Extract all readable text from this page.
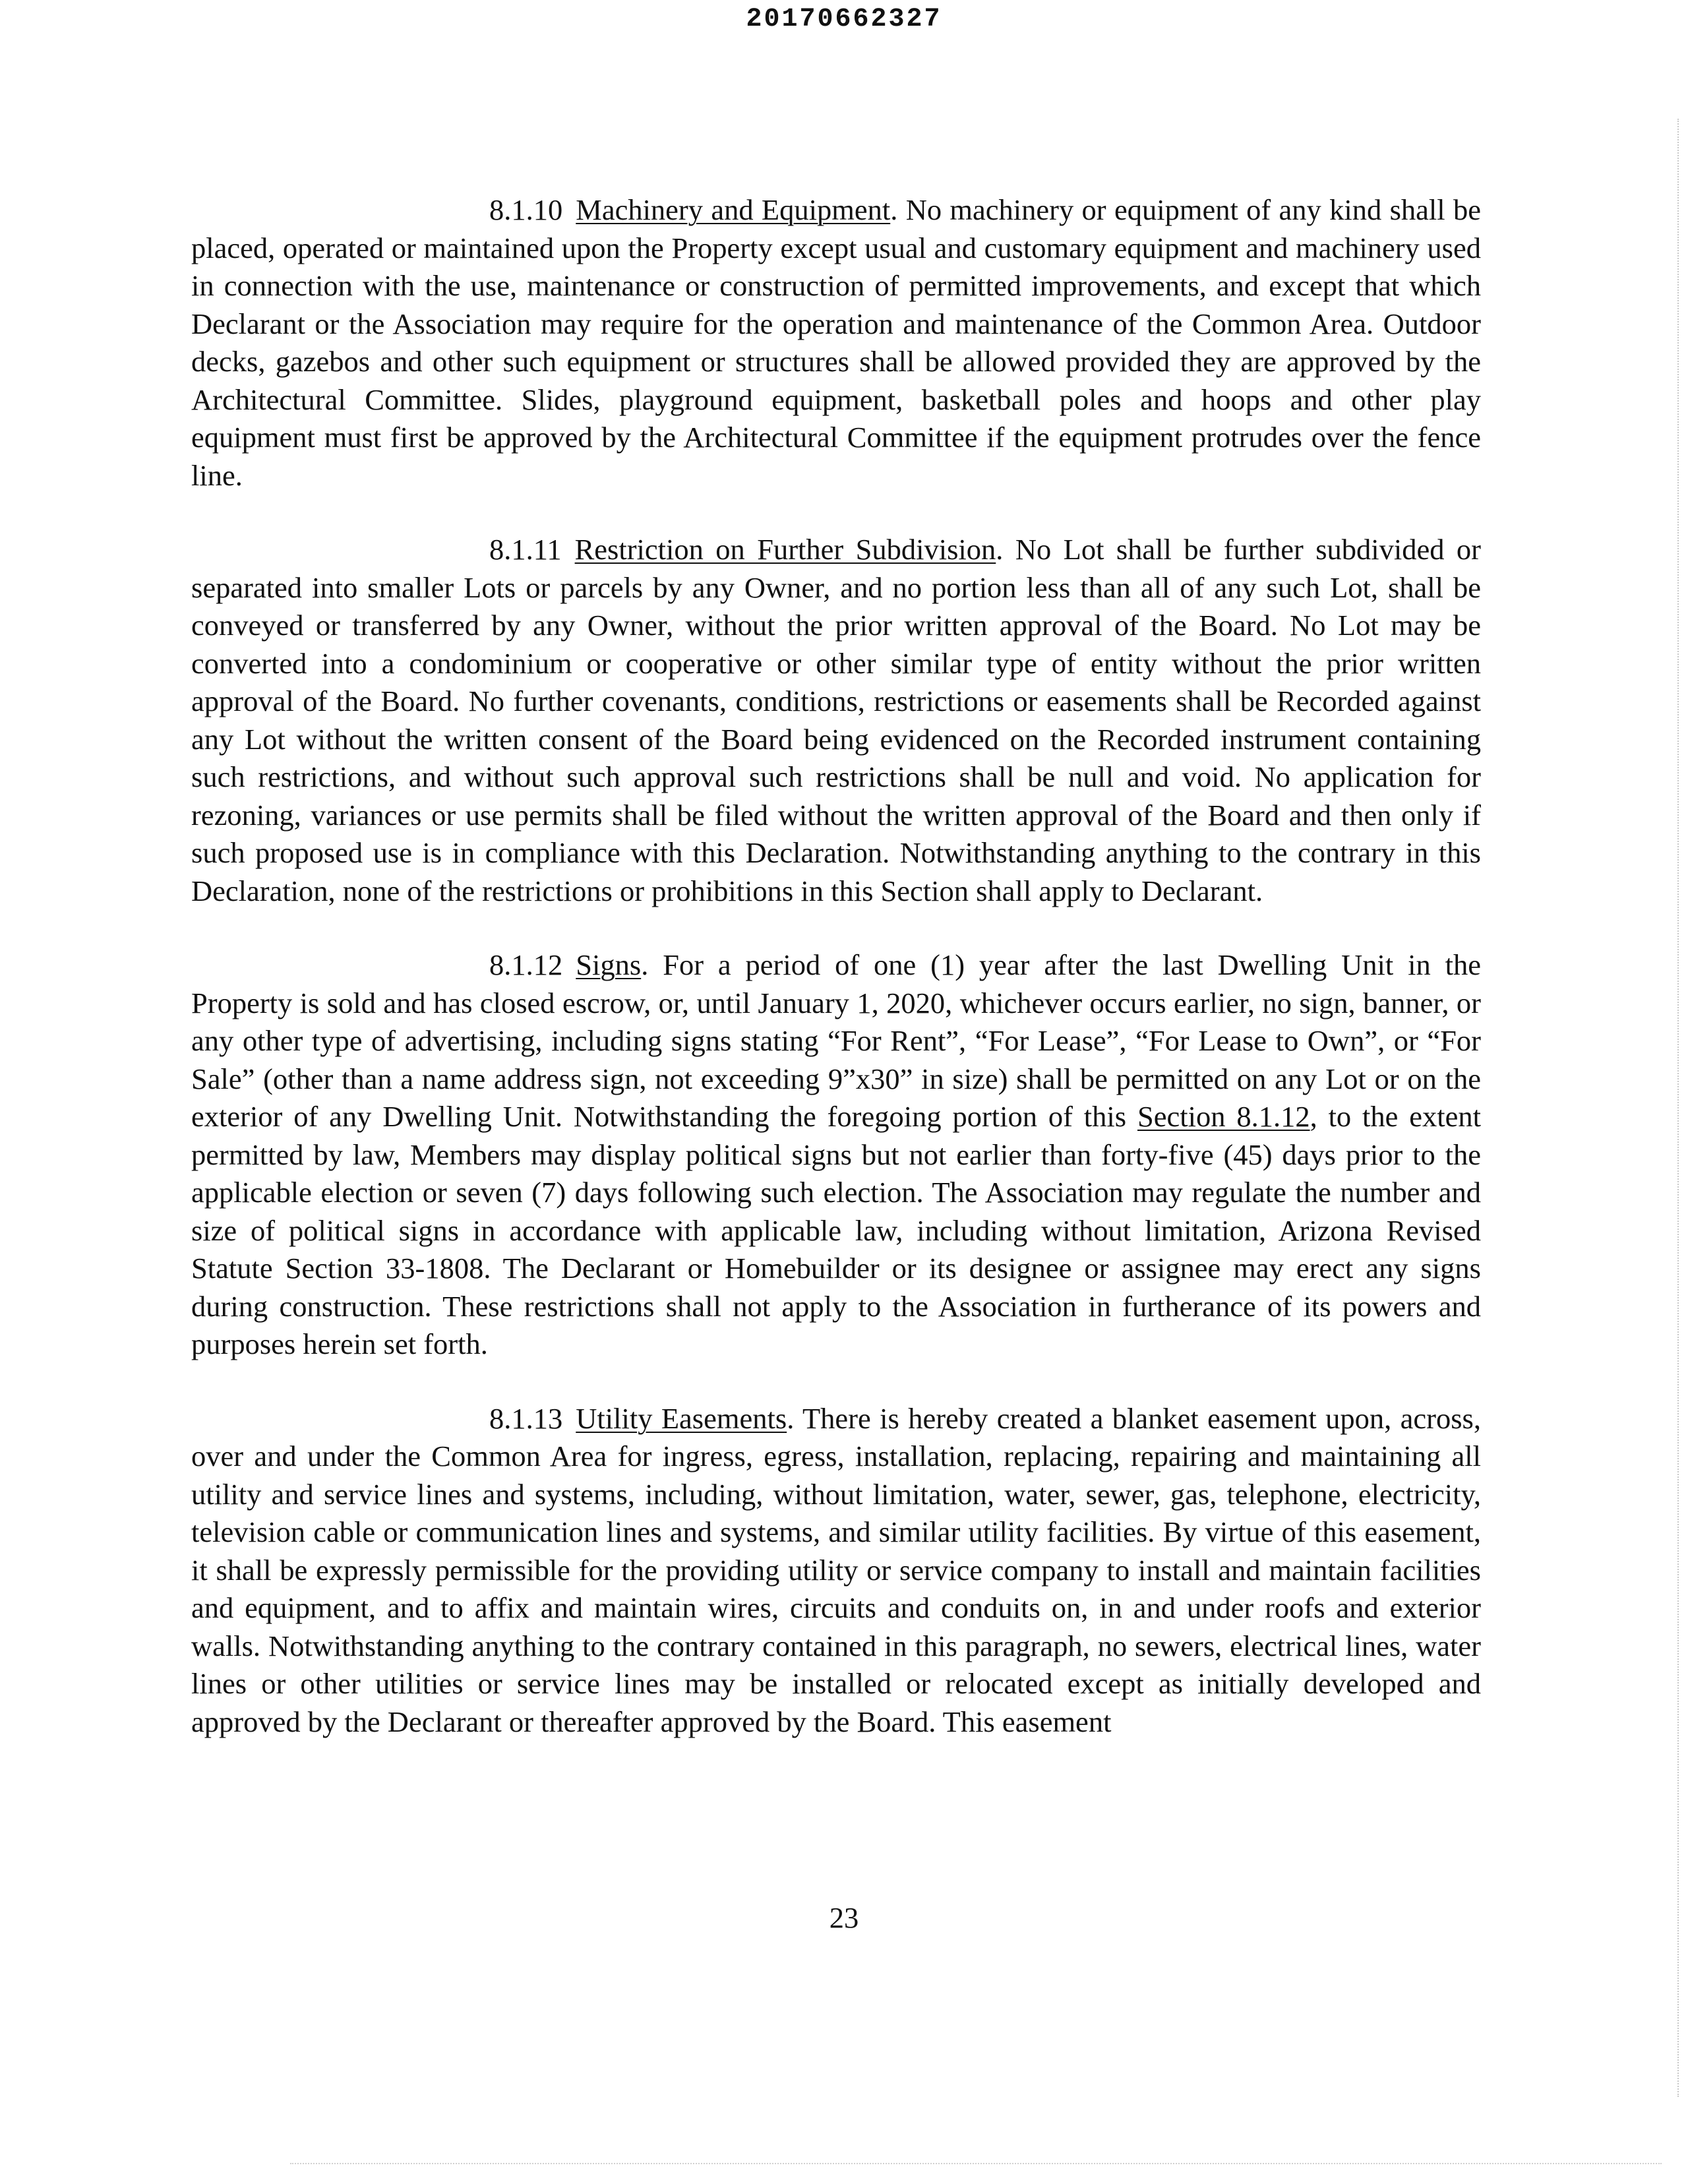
20170662327

8.1.10 Machinery and Equipment. No machinery or equipment of any kind shall be placed, operated or maintained upon the Property except usual and customary equipment and machinery used in connection with the use, maintenance or construction of permitted improvements, and except that which Declarant or the Association may require for the operation and maintenance of the Common Area. Outdoor decks, gazebos and other such equipment or structures shall be allowed provided they are approved by the Architectural Committee. Slides, playground equipment, basketball poles and hoops and other play equipment must first be approved by the Architectural Committee if the equipment protrudes over the fence line.

8.1.11 Restriction on Further Subdivision. No Lot shall be further subdivided or separated into smaller Lots or parcels by any Owner, and no portion less than all of any such Lot, shall be conveyed or transferred by any Owner, without the prior written approval of the Board. No Lot may be converted into a condominium or cooperative or other similar type of entity without the prior written approval of the Board. No further covenants, conditions, restrictions or easements shall be Recorded against any Lot without the written consent of the Board being evidenced on the Recorded instrument containing such restrictions, and without such approval such restrictions shall be null and void. No application for rezoning, variances or use permits shall be filed without the written approval of the Board and then only if such proposed use is in compliance with this Declaration. Notwithstanding anything to the contrary in this Declaration, none of the restrictions or prohibitions in this Section shall apply to Declarant.

8.1.12 Signs. For a period of one (1) year after the last Dwelling Unit in the Property is sold and has closed escrow, or, until January 1, 2020, whichever occurs earlier, no sign, banner, or any other type of advertising, including signs stating “For Rent”, “For Lease”, “For Lease to Own”, or “For Sale” (other than a name address sign, not exceeding 9”x30” in size) shall be permitted on any Lot or on the exterior of any Dwelling Unit. Notwithstanding the foregoing portion of this Section 8.1.12, to the extent permitted by law, Members may display political signs but not earlier than forty-five (45) days prior to the applicable election or seven (7) days following such election. The Association may regulate the number and size of political signs in accordance with applicable law, including without limitation, Arizona Revised Statute Section 33-1808. The Declarant or Homebuilder or its designee or assignee may erect any signs during construction. These restrictions shall not apply to the Association in furtherance of its powers and purposes herein set forth.

8.1.13 Utility Easements. There is hereby created a blanket easement upon, across, over and under the Common Area for ingress, egress, installation, replacing, repairing and maintaining all utility and service lines and systems, including, without limitation, water, sewer, gas, telephone, electricity, television cable or communication lines and systems, and similar utility facilities. By virtue of this easement, it shall be expressly permissible for the providing utility or service company to install and maintain facilities and equipment, and to affix and maintain wires, circuits and conduits on, in and under roofs and exterior walls. Notwithstanding anything to the contrary contained in this paragraph, no sewers, electrical lines, water lines or other utilities or service lines may be installed or relocated except as initially developed and approved by the Declarant or thereafter approved by the Board. This easement

23
